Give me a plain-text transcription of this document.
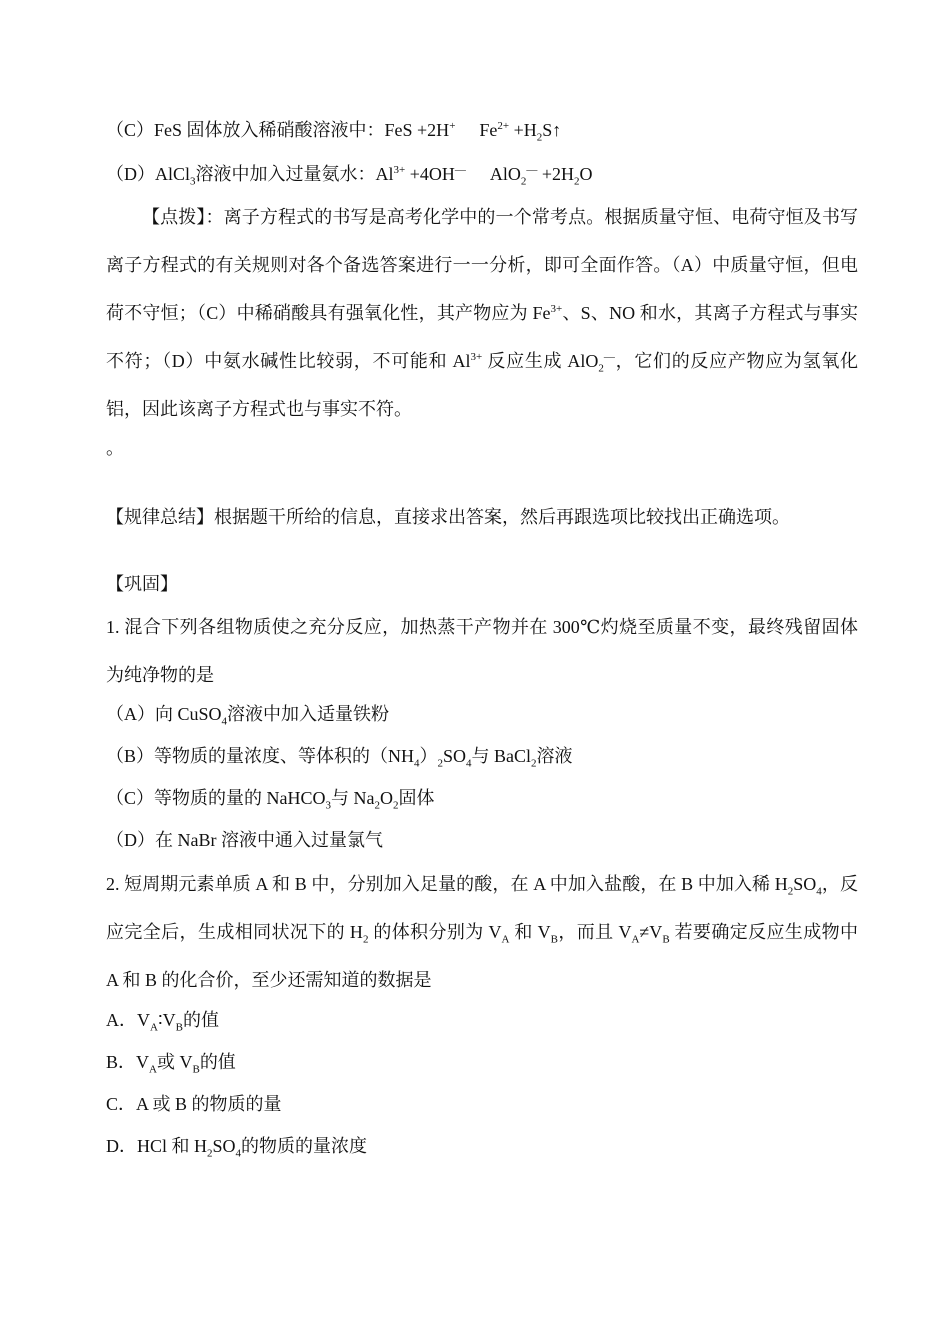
（C）FeS 固体放入稀硝酸溶液中：FeS +2H+ $Fe^{2+}$ $+H_2S↑$
（D）AlCl$_3$溶液中加入过量氨水：$Al^{3+} +4OH^—$ $AlO_2^— +2H_2O$
【点拨】：离子方程式的书写是高考化学中的一个常考点。根据质量守恒、电荷守恒及书写离子方程式的有关规则对各个备选答案进行一一分析，即可全面作答。（A）中质量守恒，但电荷不守恒；（C）中稀硝酸具有强氧化性，其产物应为 $Fe^{3+}$、S、NO 和水，其离子方程式与事实不符；（D）中氨水碱性比较弱，不可能和 $Al^{3+}$ 反应生成 AlO$_2$—，它们的反应产物应为氢氧化铝，因此该离子方程式也与事实不符。
。
【规律总结】根据题干所给的信息，直接求出答案，然后再跟选项比较找出正确选项。
【巩固】
1. 混合下列各组物质使之充分反应，加热蒸干产物并在 300℃灼烧至质量不变，最终残留固体为纯净物的是
（A）向 CuSO$_4$溶液中加入适量铁粉
（B）等物质的量浓度、等体积的$(NH_4)_2SO_4$与 BaCl$_2$溶液
（C）等物质的量的 NaHCO$_3$与 $Na_2O_2$固体
（D）在 NaBr 溶液中通入过量氯气
2. 短周期元素单质 A 和 B 中，分别加入足量的酸，在 A 中加入盐酸，在 B 中加入稀 $H_2SO_4$，反应完全后，生成相同状况下的 $H_2$ 的体积分别为 $V_A$ 和 $V_B$，而且 $V_A\ne V_B$ 若要确定反应生成物中 A 和 B 的化合价，至少还需知道的数据是
A．$V_A∶V_B$的值
B．$V_A$或 $V_B$的值
C．A 或 B 的物质的量
D．HCl 和 $H_2SO_4$的物质的量浓度
